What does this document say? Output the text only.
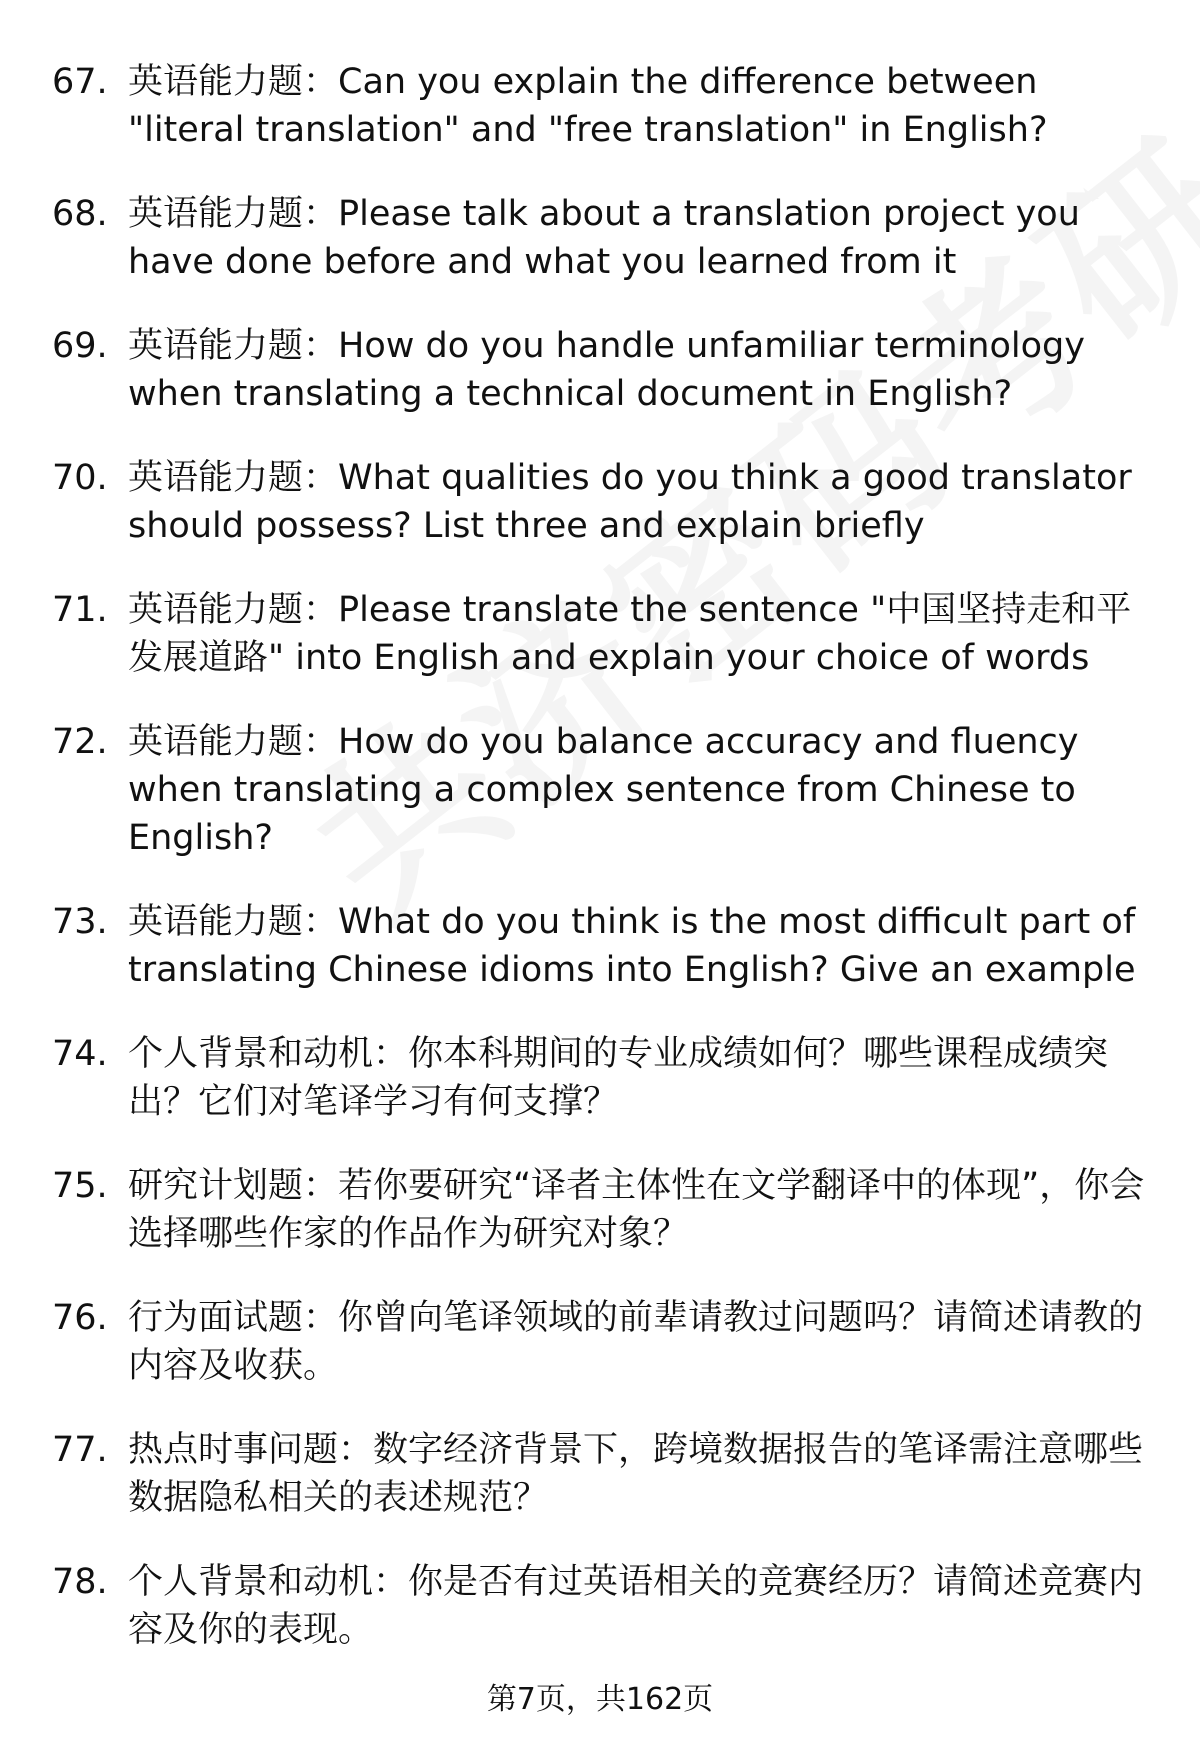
67. 英语能力题：Can you explain the difference between "literal translation" and "free translation" in English?
68. 英语能力题：Please talk about a translation project you have done before and what you learned from it
69. 英语能力题：How do you handle unfamiliar terminology when translating a technical document in English?
70. 英语能力题：What qualities do you think a good translator should possess? List three and explain briefly
71. 英语能力题：Please translate the sentence "中国坚持走和平发展道路" into English and explain your choice of words
72. 英语能力题：How do you balance accuracy and fluency when translating a complex sentence from Chinese to English?
73. 英语能力题：What do you think is the most difficult part of translating Chinese idioms into English? Give an example
74. 个人背景和动机：你本科期间的专业成绩如何？哪些课程成绩突出？它们对笔译学习有何支撑？
75. 研究计划题：若你要研究“译者主体性在文学翻译中的体现”，你会选择哪些作家的作品作为研究对象？
76. 行为面试题：你曾向笔译领域的前辈请教过问题吗？请简述请教的内容及收获。
77. 热点时事问题：数字经济背景下，跨境数据报告的笔译需注意哪些数据隐私相关的表述规范？
78. 个人背景和动机：你是否有过英语相关的竞赛经历？请简述竞赛内容及你的表现。
第7页，共162页
